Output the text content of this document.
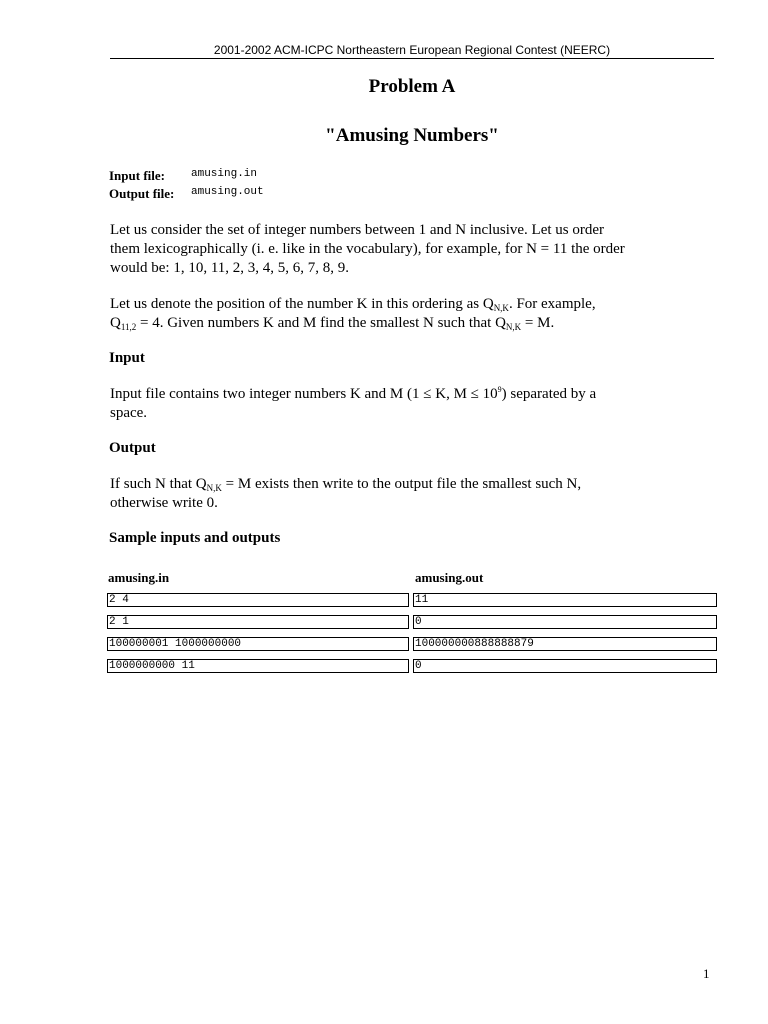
2001-2002 ACM-ICPC Northeastern European Regional Contest (NEERC)
Problem A
"Amusing Numbers"
Input file: amusing.in
Output file: amusing.out
Let us consider the set of integer numbers between 1 and N inclusive. Let us order
them lexicographically (i. e. like in the vocabulary), for example, for N = 11 the order
would be: 1, 10, 11, 2, 3, 4, 5, 6, 7, 8, 9.
Let us denote the position of the number K in this ordering as $Q_{N,K}$. For example,
$Q_{11,2} = 4$. Given numbers K and M find the smallest N such that $Q_{N,K} = M$.
Input
Input file contains two integer numbers K and M (1 ≤ K, $M \le 10^9$) separated by a
space.
Output
If such N that $Q_{N,K} = M$ exists then write to the output file the smallest such N,
otherwise write 0.
Sample inputs and outputs
amusing.in	amusing.out
2 4	11
2 1	0
100000001 1000000000	100000000888888879
1000000000 11	0
1
